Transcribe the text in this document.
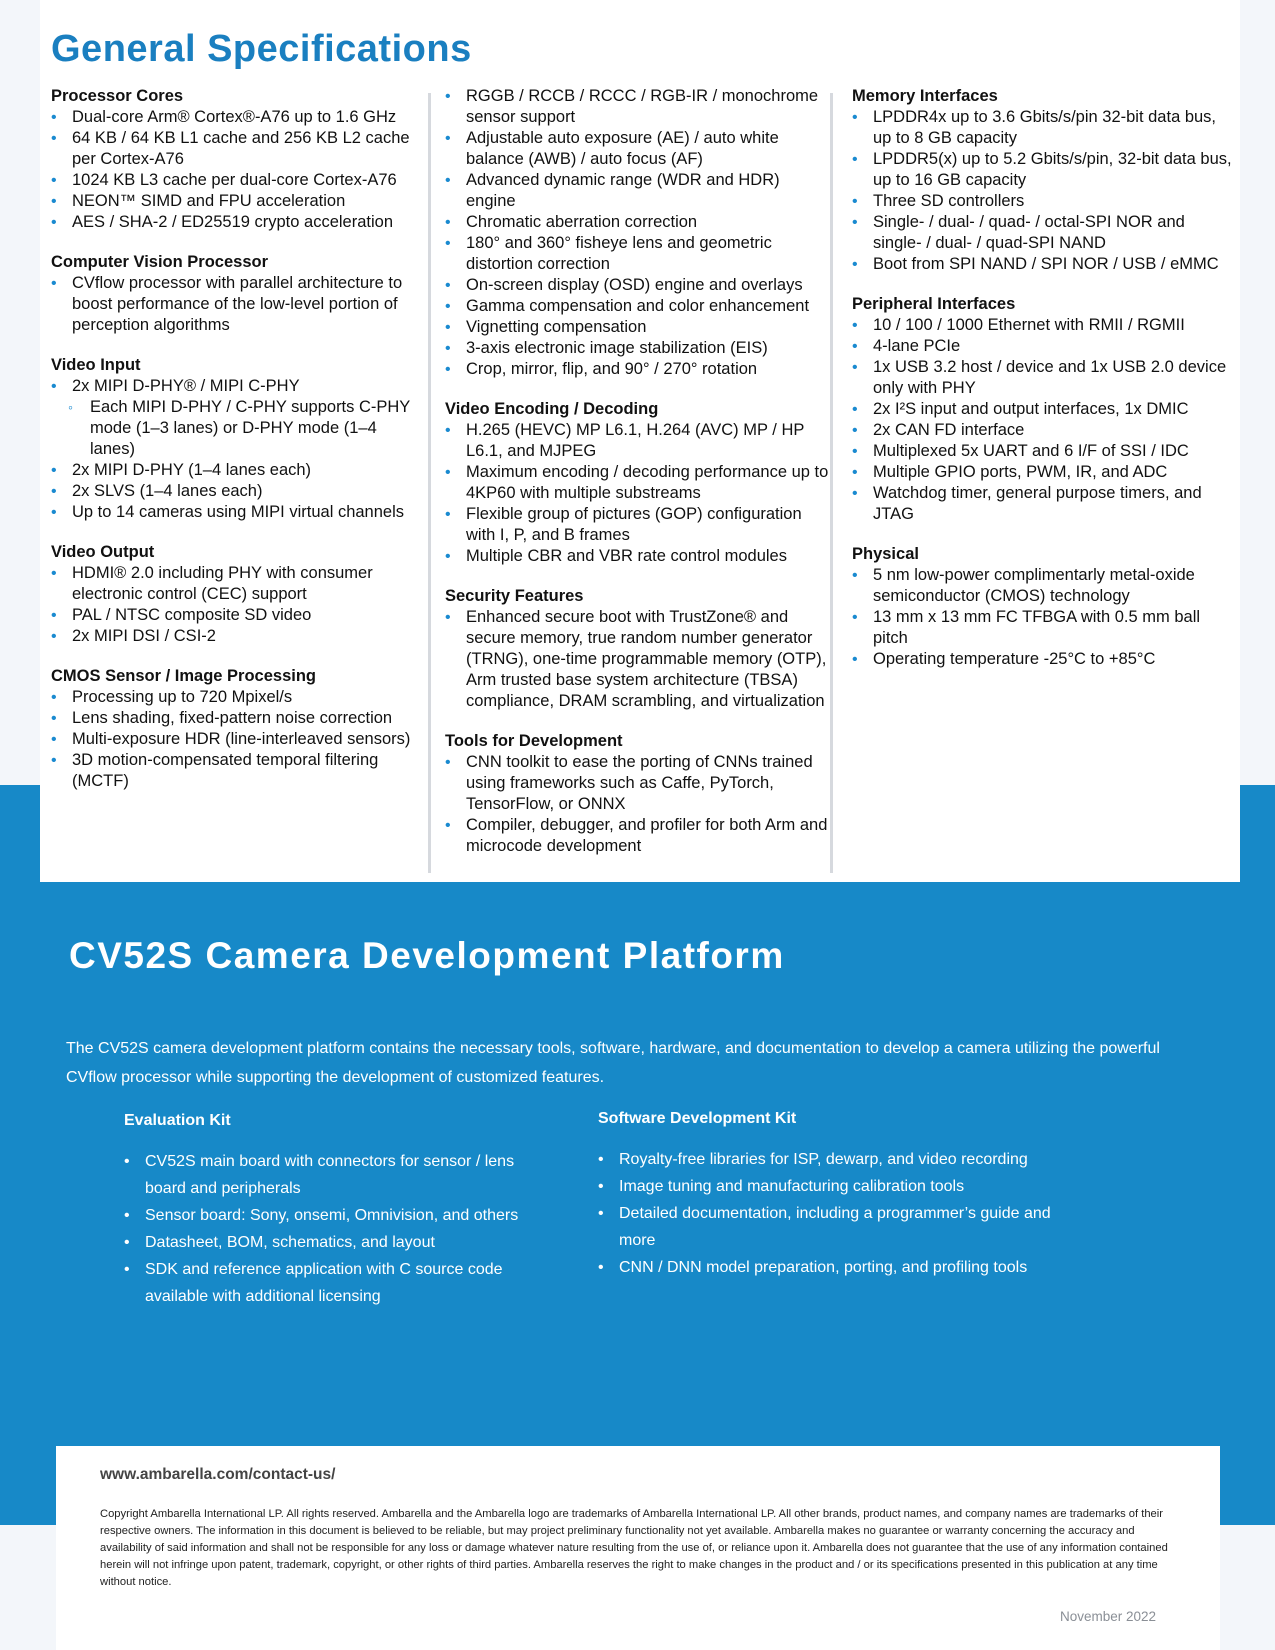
General Specifications
Processor Cores
• Dual-core Arm® Cortex®-A76 up to 1.6 GHz
• 64 KB / 64 KB L1 cache and 256 KB L2 cache per Cortex-A76
• 1024 KB L3 cache per dual-core Cortex-A76
• NEON™ SIMD and FPU acceleration
• AES / SHA-2 / ED25519 crypto acceleration
Computer Vision Processor
• CVflow processor with parallel architecture to boost performance of the low-level portion of perception algorithms
Video Input
• 2x MIPI D-PHY® / MIPI C-PHY
◦ Each MIPI D-PHY / C-PHY supports C-PHY mode (1–3 lanes) or D-PHY mode (1–4 lanes)
• 2x MIPI D-PHY (1–4 lanes each)
• 2x SLVS (1–4 lanes each)
• Up to 14 cameras using MIPI virtual channels
Video Output
• HDMI® 2.0 including PHY with consumer electronic control (CEC) support
• PAL / NTSC composite SD video
• 2x MIPI DSI / CSI-2
CMOS Sensor / Image Processing
• Processing up to 720 Mpixel/s
• Lens shading, fixed-pattern noise correction
• Multi-exposure HDR (line-interleaved sensors)
• 3D motion-compensated temporal filtering (MCTF)
• RGGB / RCCB / RCCC / RGB-IR / monochrome sensor support
• Adjustable auto exposure (AE) / auto white balance (AWB) / auto focus (AF)
• Advanced dynamic range (WDR and HDR) engine
• Chromatic aberration correction
• 180° and 360° fisheye lens and geometric distortion correction
• On-screen display (OSD) engine and overlays
• Gamma compensation and color enhancement
• Vignetting compensation
• 3-axis electronic image stabilization (EIS)
• Crop, mirror, flip, and 90° / 270° rotation
Video Encoding / Decoding
• H.265 (HEVC) MP L6.1, H.264 (AVC) MP / HP L6.1, and MJPEG
• Maximum encoding / decoding performance up to 4KP60 with multiple substreams
• Flexible group of pictures (GOP) configuration with I, P, and B frames
• Multiple CBR and VBR rate control modules
Security Features
• Enhanced secure boot with TrustZone® and secure memory, true random number generator (TRNG), one-time programmable memory (OTP), Arm trusted base system architecture (TBSA) compliance, DRAM scrambling, and virtualization
Tools for Development
• CNN toolkit to ease the porting of CNNs trained using frameworks such as Caffe, PyTorch, TensorFlow, or ONNX
• Compiler, debugger, and profiler for both Arm and microcode development
Memory Interfaces
• LPDDR4x up to 3.6 Gbits/s/pin 32-bit data bus, up to 8 GB capacity
• LPDDR5(x) up to 5.2 Gbits/s/pin, 32-bit data bus, up to 16 GB capacity
• Three SD controllers
• Single- / dual- / quad- / octal-SPI NOR and single- / dual- / quad-SPI NAND
• Boot from SPI NAND / SPI NOR / USB / eMMC
Peripheral Interfaces
• 10 / 100 / 1000 Ethernet with RMII / RGMII
• 4-lane PCIe
• 1x USB 3.2 host / device and 1x USB 2.0 device only with PHY
• 2x I²S input and output interfaces, 1x DMIC
• 2x CAN FD interface
• Multiplexed 5x UART and 6 I/F of SSI / IDC
• Multiple GPIO ports, PWM, IR, and ADC
• Watchdog timer, general purpose timers, and JTAG
Physical
• 5 nm low-power complimentarly metal-oxide semiconductor (CMOS) technology
• 13 mm x 13 mm FC TFBGA with 0.5 mm ball pitch
• Operating temperature -25°C to +85°C
CV52S Camera Development Platform

The CV52S camera development platform contains the necessary tools, software, hardware, and documentation to develop a camera utilizing the powerful CVflow processor while supporting the development of customized features.

Evaluation Kit
• CV52S main board with connectors for sensor / lens board and peripherals
• Sensor board: Sony, onsemi, Omnivision, and others
• Datasheet, BOM, schematics, and layout
• SDK and reference application with C source code available with additional licensing
Software Development Kit
• Royalty-free libraries for ISP, dewarp, and video recording
• Image tuning and manufacturing calibration tools
• Detailed documentation, including a programmer’s guide and more
• CNN / DNN model preparation, porting, and profiling tools

www.ambarella.com/contact-us/

Copyright Ambarella International LP. All rights reserved. Ambarella and the Ambarella logo are trademarks of Ambarella International LP. All other brands, product names, and company names are trademarks of their respective owners. The information in this document is believed to be reliable, but may project preliminary functionality not yet available. Ambarella makes no guarantee or warranty concerning the accuracy and availability of said information and shall not be responsible for any loss or damage whatever nature resulting from the use of, or reliance upon it. Ambarella does not guarantee that the use of any information contained herein will not infringe upon patent, trademark, copyright, or other rights of third parties. Ambarella reserves the right to make changes in the product and / or its specifications presented in this publication at any time without notice.

November 2022
